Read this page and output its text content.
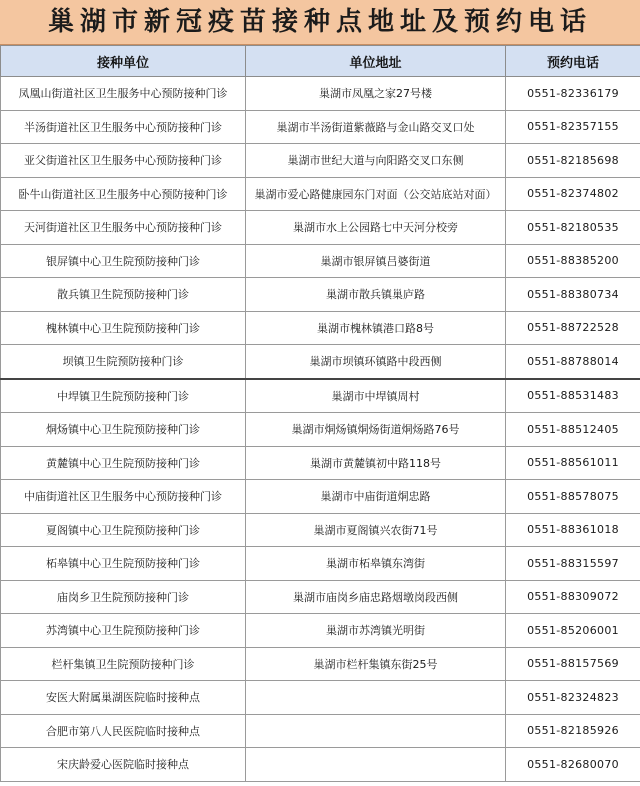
巢湖市新冠疫苗接种点地址及预约电话
接种单位	单位地址	预约电话
凤凰山街道社区卫生服务中心预防接种门诊	巢湖市凤凰之家27号楼	0551-82336179
半汤街道社区卫生服务中心预防接种门诊	巢湖市半汤街道紫薇路与金山路交叉口处	0551-82357155
亚父街道社区卫生服务中心预防接种门诊	巢湖市世纪大道与向阳路交叉口东侧	0551-82185698
卧牛山街道社区卫生服务中心预防接种门诊	巢湖市爱心路健康园东门对面（公交站底站对面）	0551-82374802
天河街道社区卫生服务中心预防接种门诊	巢湖市水上公园路七中天河分校旁	0551-82180535
银屏镇中心卫生院预防接种门诊	巢湖市银屏镇吕婆街道	0551-88385200
散兵镇卫生院预防接种门诊	巢湖市散兵镇巢庐路	0551-88380734
槐林镇中心卫生院预防接种门诊	巢湖市槐林镇港口路8号	0551-88722528
坝镇卫生院预防接种门诊	巢湖市坝镇环镇路中段西侧	0551-88788014
中垾镇卫生院预防接种门诊	巢湖市中垾镇周村	0551-88531483
烔炀镇中心卫生院预防接种门诊	巢湖市烔炀镇烔炀街道烔炀路76号	0551-88512405
黄麓镇中心卫生院预防接种门诊	巢湖市黄麓镇初中路118号	0551-88561011
中庙街道社区卫生服务中心预防接种门诊	巢湖市中庙街道烔忠路	0551-88578075
夏阁镇中心卫生院预防接种门诊	巢湖市夏阁镇兴农街71号	0551-88361018
柘皋镇中心卫生院预防接种门诊	巢湖市柘皋镇东湾街	0551-88315597
庙岗乡卫生院预防接种门诊	巢湖市庙岗乡庙忠路烟墩岗段西侧	0551-88309072
苏湾镇中心卫生院预防接种门诊	巢湖市苏湾镇光明街	0551-85206001
栏杆集镇卫生院预防接种门诊	巢湖市栏杆集镇东街25号	0551-88157569
安医大附属巢湖医院临时接种点		0551-82324823
合肥市第八人民医院临时接种点		0551-82185926
宋庆龄爱心医院临时接种点		0551-82680070
